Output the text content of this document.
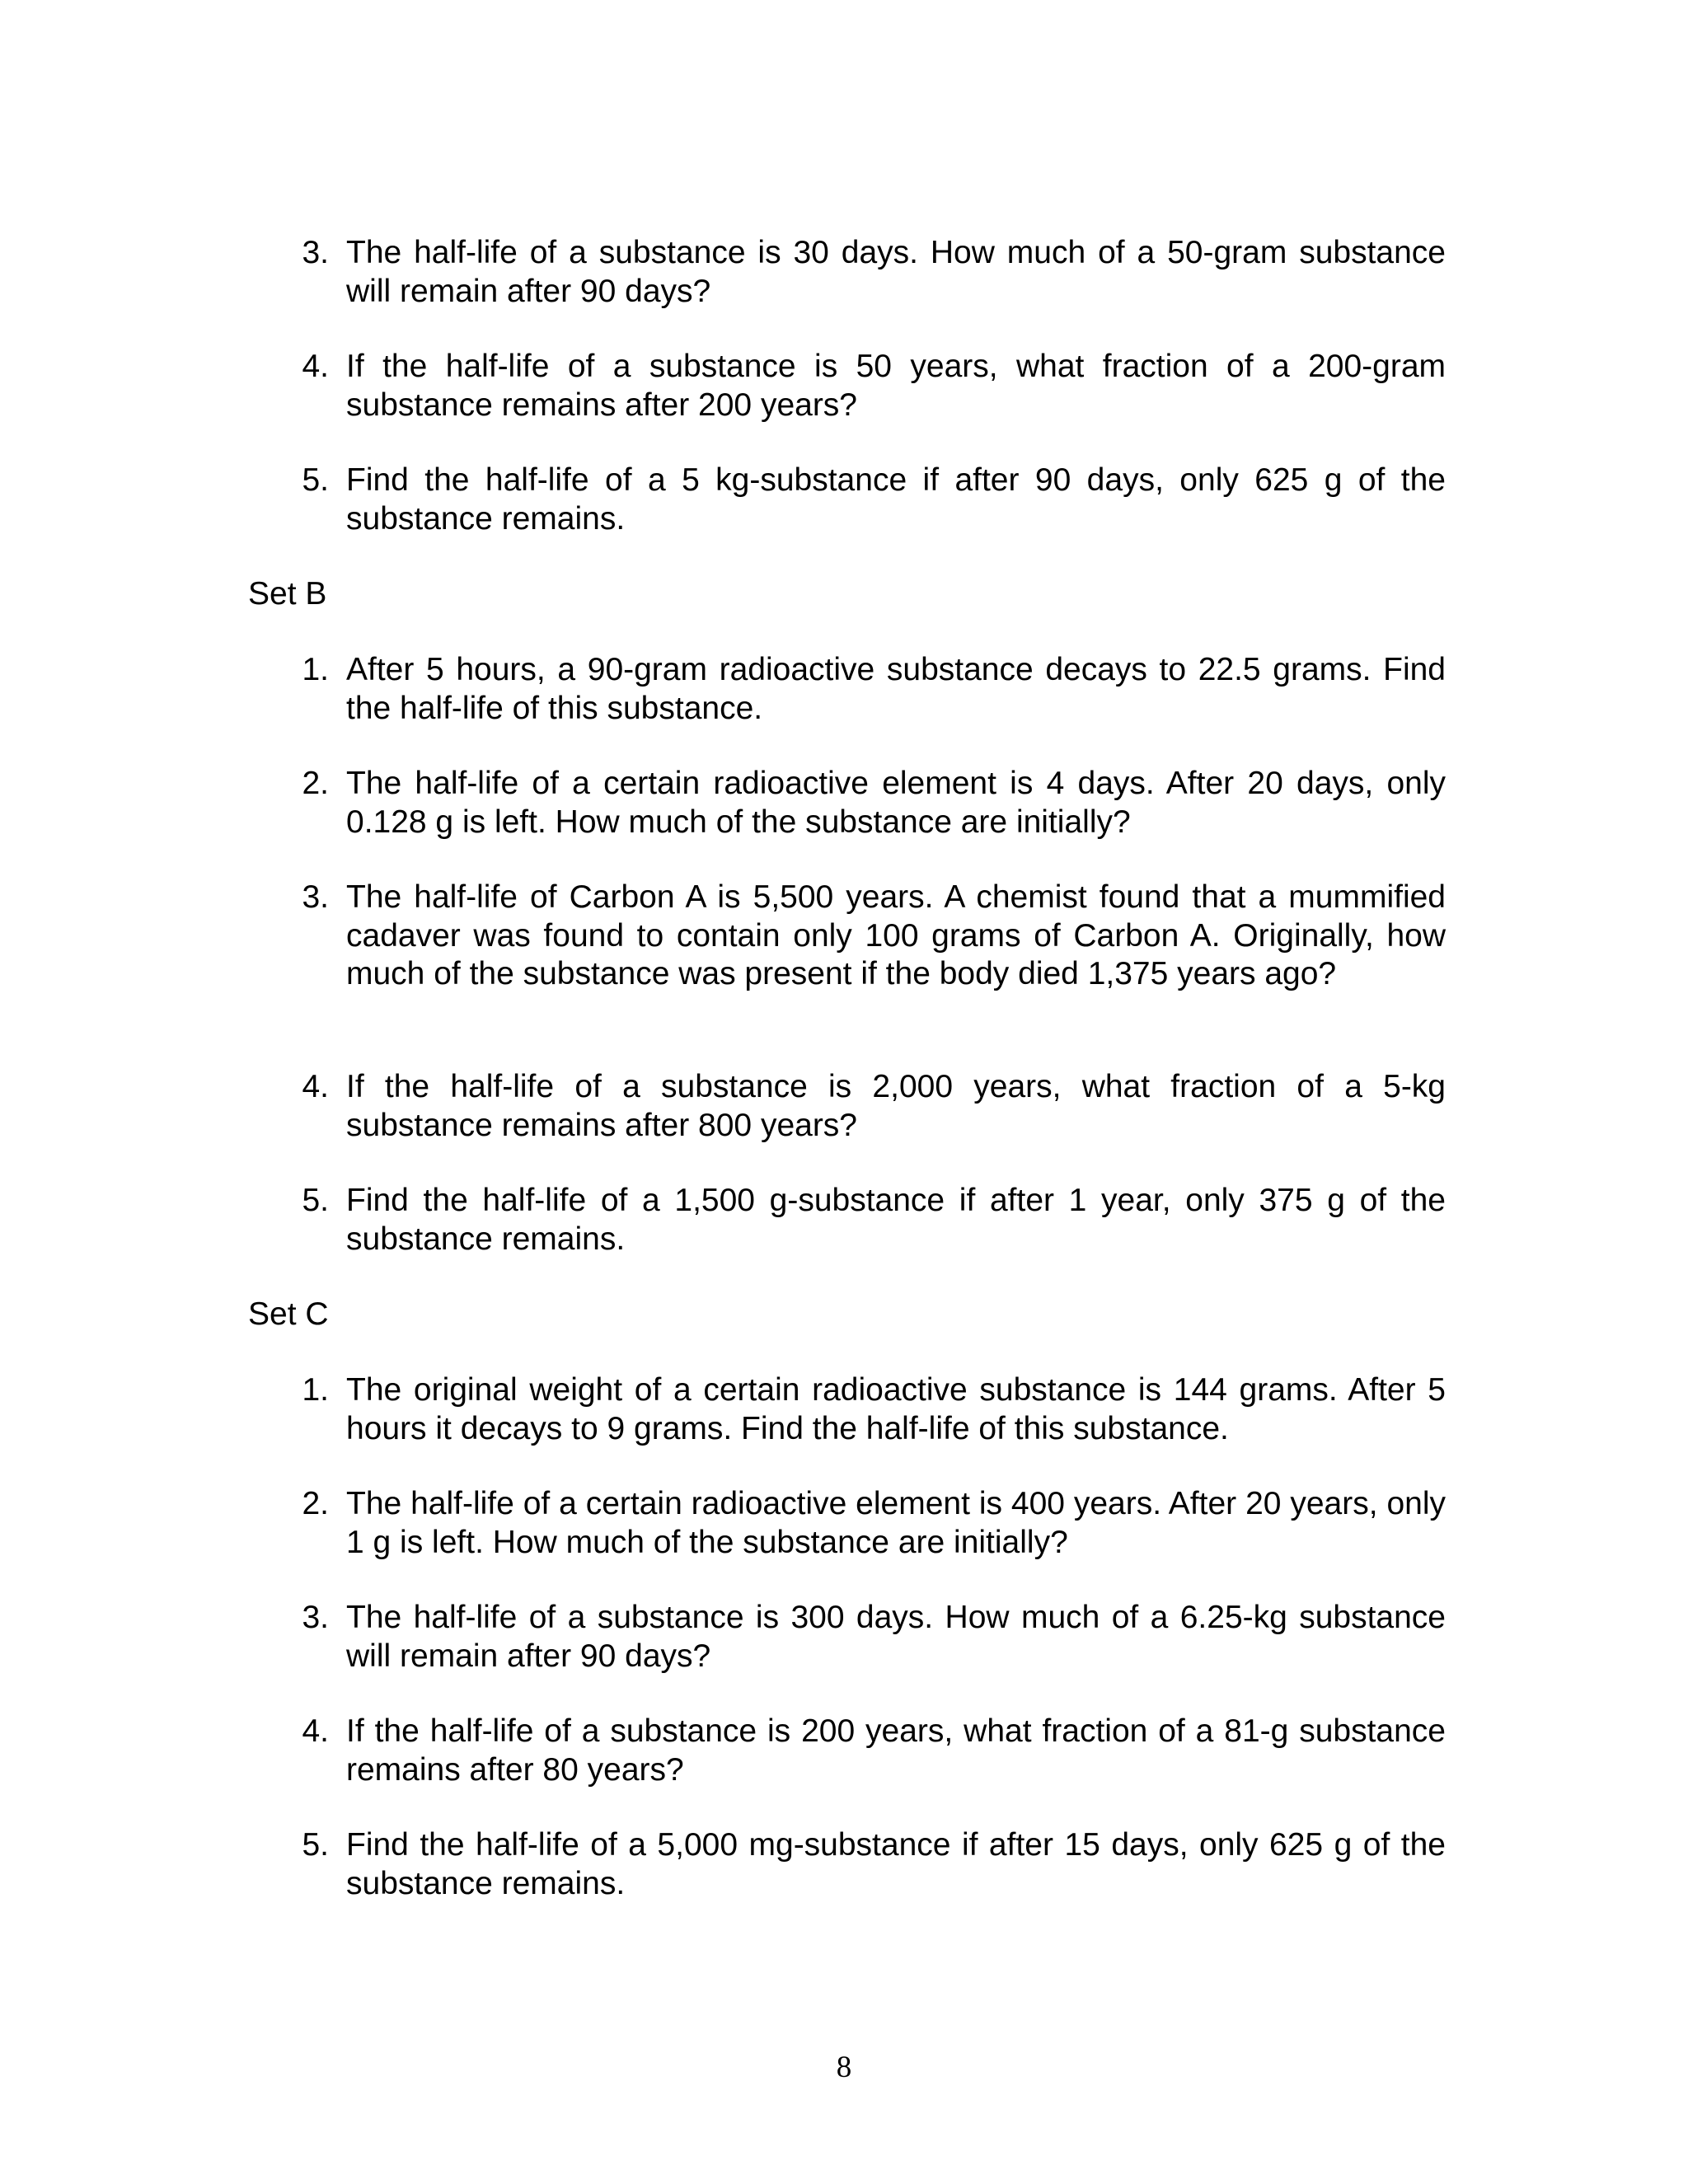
3. The half-life of a substance is 30 days. How much of a 50-gram substance will remain after 90 days?
4. If the half-life of a substance is 50 years, what fraction of a 200-gram substance remains after 200 years?
5. Find the half-life of a 5 kg-substance if after 90 days, only 625 g of the substance remains.
Set B
1. After 5 hours, a 90-gram radioactive substance decays to 22.5 grams. Find the half-life of this substance.
2. The half-life of a certain radioactive element is 4 days. After 20 days, only 0.128 g is left. How much of the substance are initially?
3. The half-life of Carbon A is 5,500 years. A chemist found that a mummified cadaver was found to contain only 100 grams of Carbon A. Originally, how much of the substance was present if the body died 1,375 years ago?
4. If the half-life of a substance is 2,000 years, what fraction of a 5-kg substance remains after 800 years?
5. Find the half-life of a 1,500 g-substance if after 1 year, only 375 g of the substance remains.
Set C
1. The original weight of a certain radioactive substance is 144 grams. After 5 hours it decays to 9 grams. Find the half-life of this substance.
2. The half-life of a certain radioactive element is 400 years. After 20 years, only 1 g is left. How much of the substance are initially?
3. The half-life of a substance is 300 days. How much of a 6.25-kg substance will remain after 90 days?
4. If the half-life of a substance is 200 years, what fraction of a 81-g substance remains after 80 years?
5. Find the half-life of a 5,000 mg-substance if after 15 days, only 625 g of the substance remains.
8
